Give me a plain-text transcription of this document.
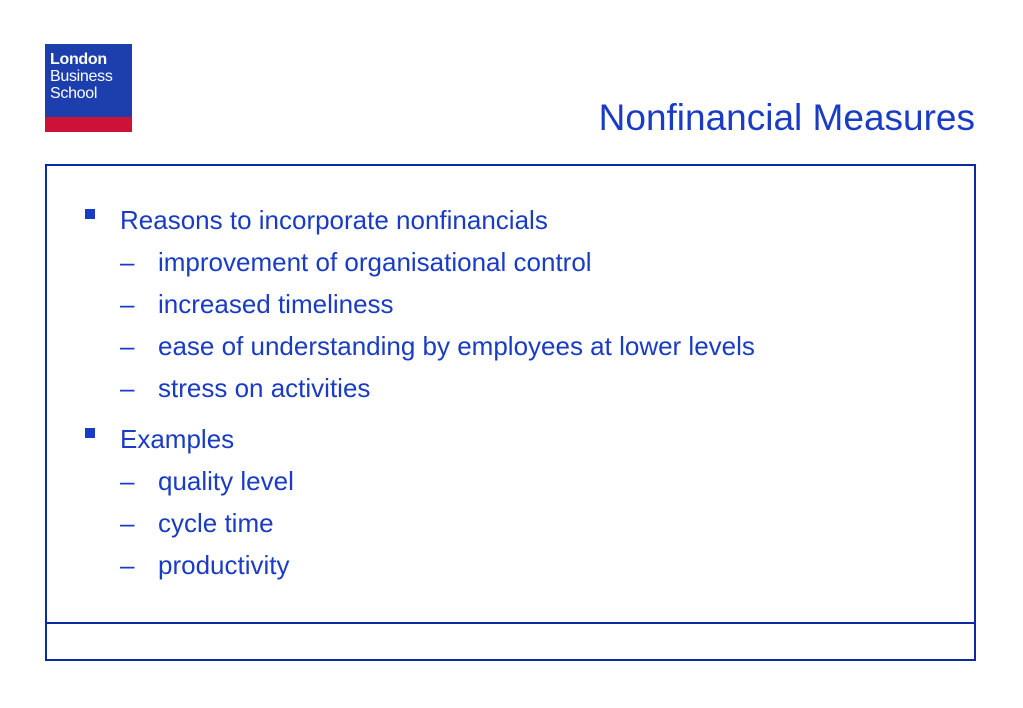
London
Business
School
Nonfinancial Measures
Reasons to incorporate nonfinancials
– improvement of organisational control
– increased timeliness
– ease of understanding by employees at lower levels
– stress on activities
Examples
– quality level
– cycle time
– productivity
